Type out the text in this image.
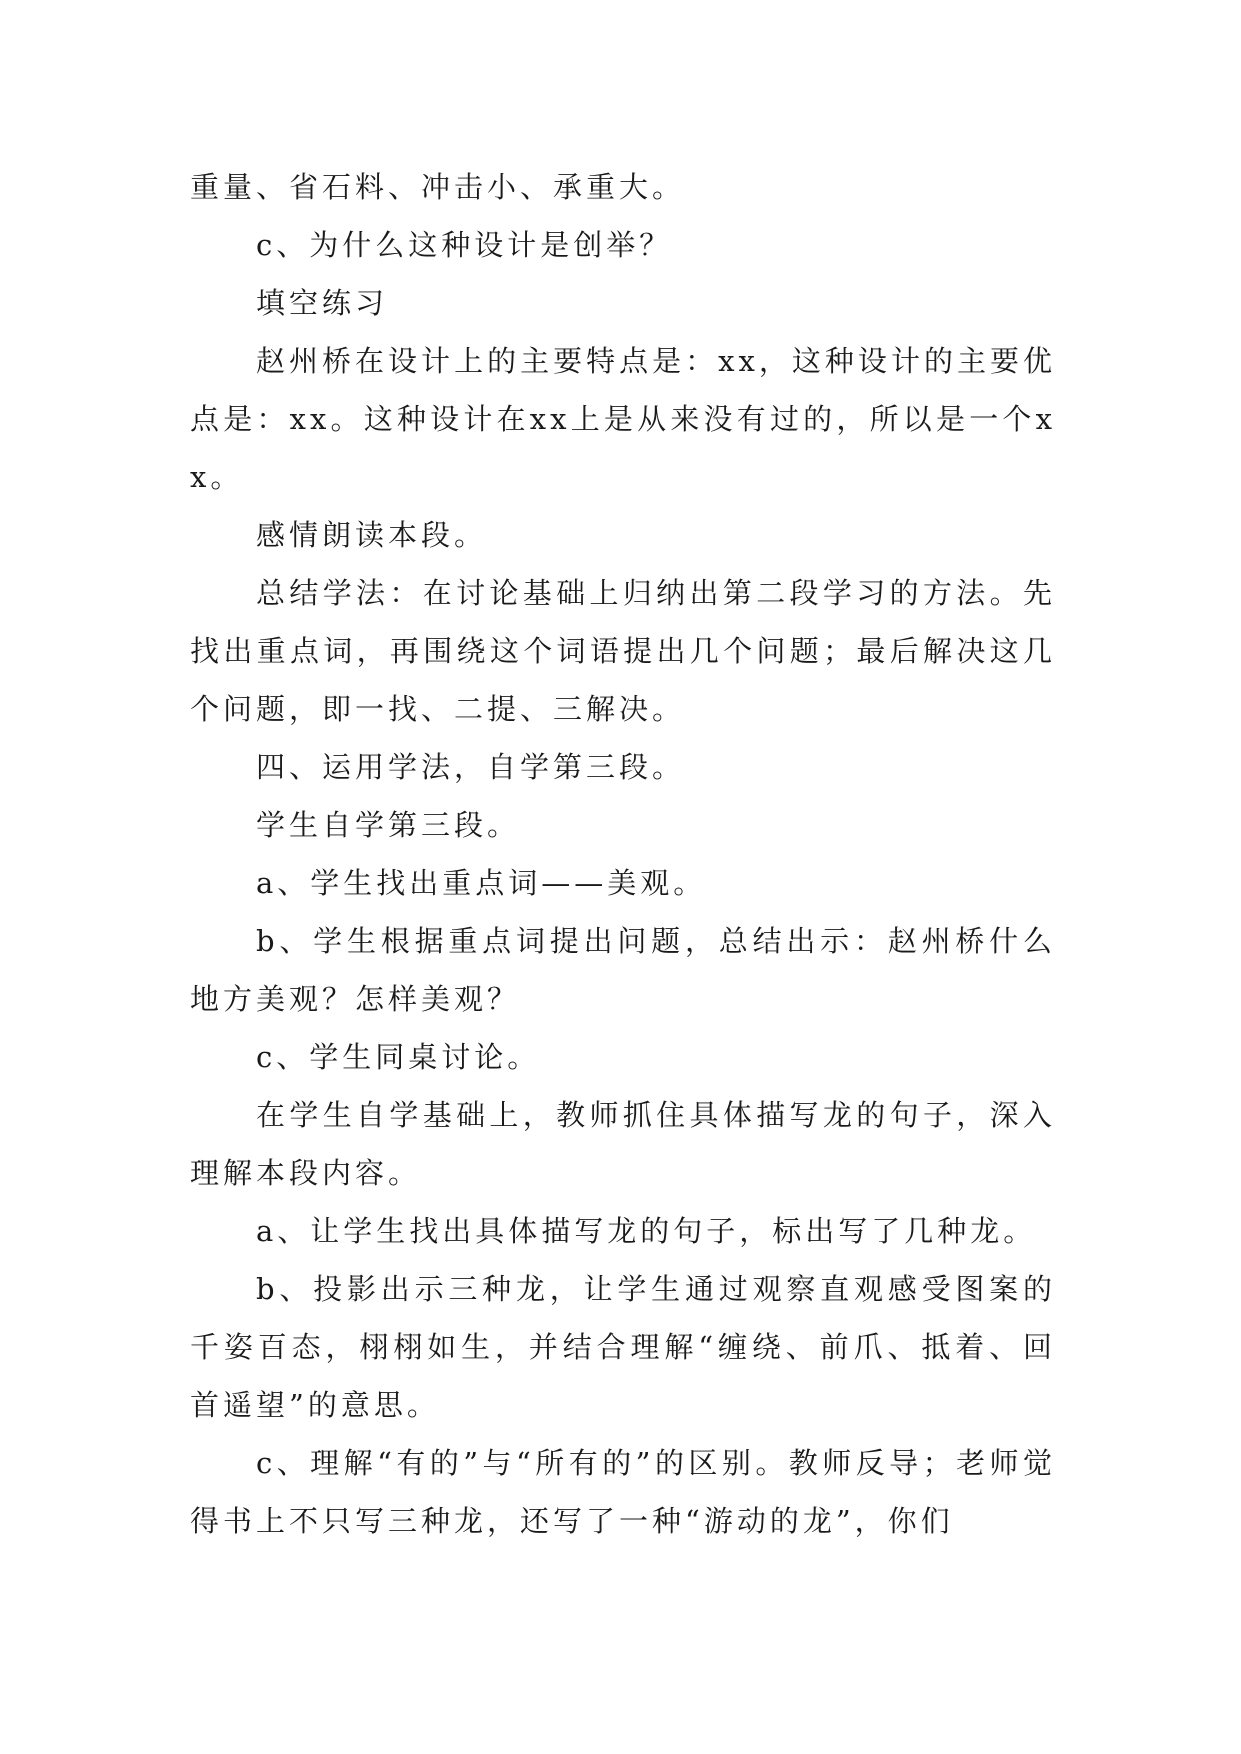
重量、省石料、冲击小、承重大。

c、为什么这种设计是创举？

填空练习

赵州桥在设计上的主要特点是：xx，这种设计的主要优点是：xx。这种设计在xx上是从来没有过的，所以是一个xx。

感情朗读本段。

总结学法：在讨论基础上归纳出第二段学习的方法。先找出重点词，再围绕这个词语提出几个问题；最后解决这几个问题，即一找、二提、三解决。

四、运用学法，自学第三段。

学生自学第三段。

a、学生找出重点词——美观。

b、学生根据重点词提出问题，总结出示：赵州桥什么地方美观？怎样美观？

c、学生同桌讨论。

在学生自学基础上，教师抓住具体描写龙的句子，深入理解本段内容。

a、让学生找出具体描写龙的句子，标出写了几种龙。

b、投影出示三种龙，让学生通过观察直观感受图案的千姿百态，栩栩如生，并结合理解“缠绕、前爪、抵着、回首遥望”的意思。

c、理解“有的”与“所有的”的区别。教师反导；老师觉得书上不只写三种龙，还写了一种“游动的龙”，你们
